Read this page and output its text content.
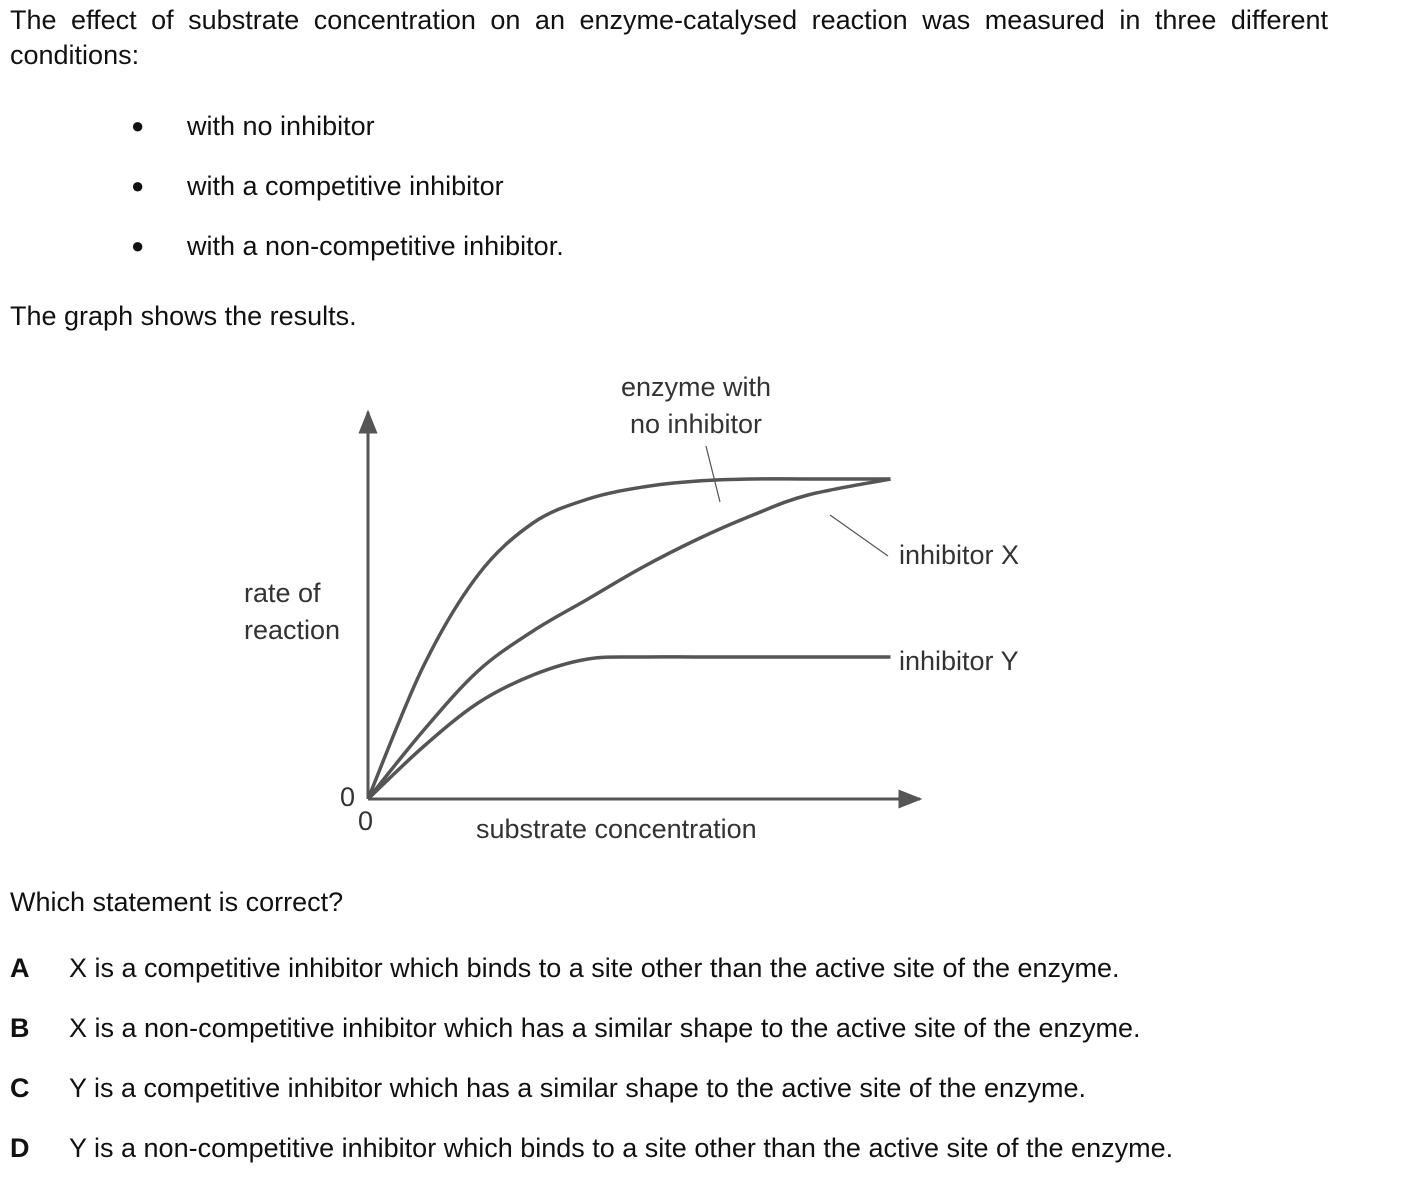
The effect of substrate concentration on an enzyme-catalysed reaction was measured in three different conditions:

● with no inhibitor
● with a competitive inhibitor
● with a non-competitive inhibitor.

The graph shows the results.

rate of
reaction
substrate concentration
0
0
enzyme with
no inhibitor
inhibitor X
inhibitor Y

Which statement is correct?

A X is a competitive inhibitor which binds to a site other than the active site of the enzyme.
B X is a non-competitive inhibitor which has a similar shape to the active site of the enzyme.
C Y is a competitive inhibitor which has a similar shape to the active site of the enzyme.
D Y is a non-competitive inhibitor which binds to a site other than the active site of the enzyme.
